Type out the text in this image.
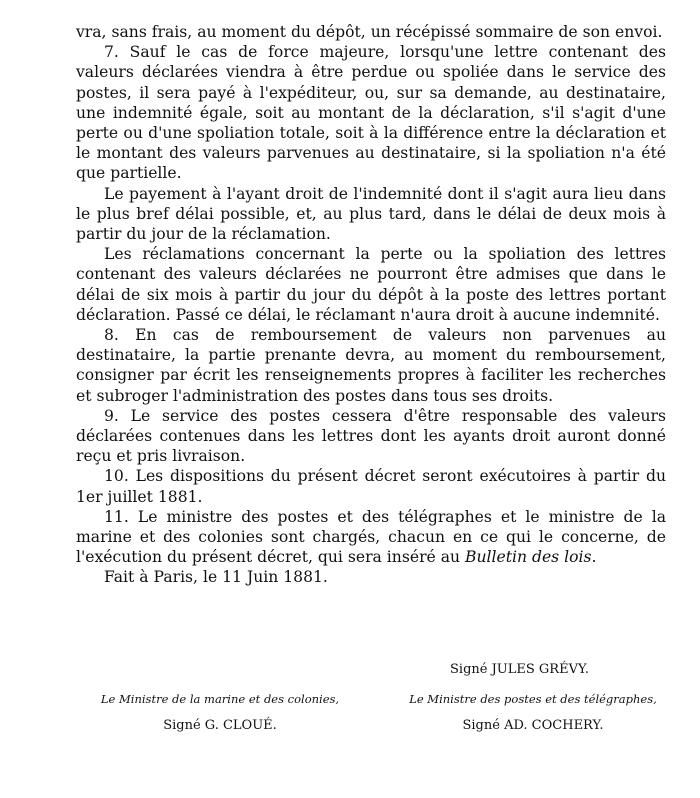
vra, sans frais, au moment du dépôt, un récépissé sommaire de son envoi.

7. Sauf le cas de force majeure, lorsqu'une lettre contenant des valeurs déclarées viendra à être perdue ou spoliée dans le service des postes, il sera payé à l'expéditeur, ou, sur sa demande, au destinataire, une indemnité égale, soit au montant de la déclaration, s'il s'agit d'une perte ou d'une spoliation totale, soit à la différence entre la déclaration et le montant des valeurs parvenues au destinataire, si la spoliation n'a été que partielle.

Le payement à l'ayant droit de l'indemnité dont il s'agit aura lieu dans le plus bref délai possible, et, au plus tard, dans le délai de deux mois à partir du jour de la réclamation.

Les réclamations concernant la perte ou la spoliation des lettres contenant des valeurs déclarées ne pourront être admises que dans le délai de six mois à partir du jour du dépôt à la poste des lettres portant déclaration. Passé ce délai, le réclamant n'aura droit à aucune indemnité.

8. En cas de remboursement de valeurs non parvenues au destinataire, la partie prenante devra, au moment du remboursement, consigner par écrit les renseignements propres à faciliter les recherches et subroger l'administration des postes dans tous ses droits.

9. Le service des postes cessera d'être responsable des valeurs déclarées contenues dans les lettres dont les ayants droit auront donné reçu et pris livraison.

10. Les dispositions du présent décret seront exécutoires à partir du 1er juillet 1881.

11. Le ministre des postes et des télégraphes et le ministre de la marine et des colonies sont chargés, chacun en ce qui le concerne, de l'exécution du présent décret, qui sera inséré au Bulletin des lois.

Fait à Paris, le 11 Juin 1881.

Signé JULES GRÉVY.
Le Ministre de la marine et des colonies,	Le Ministre des postes et des télégraphes,
Signé G. CLOUÉ.	Signé AD. COCHERY.
